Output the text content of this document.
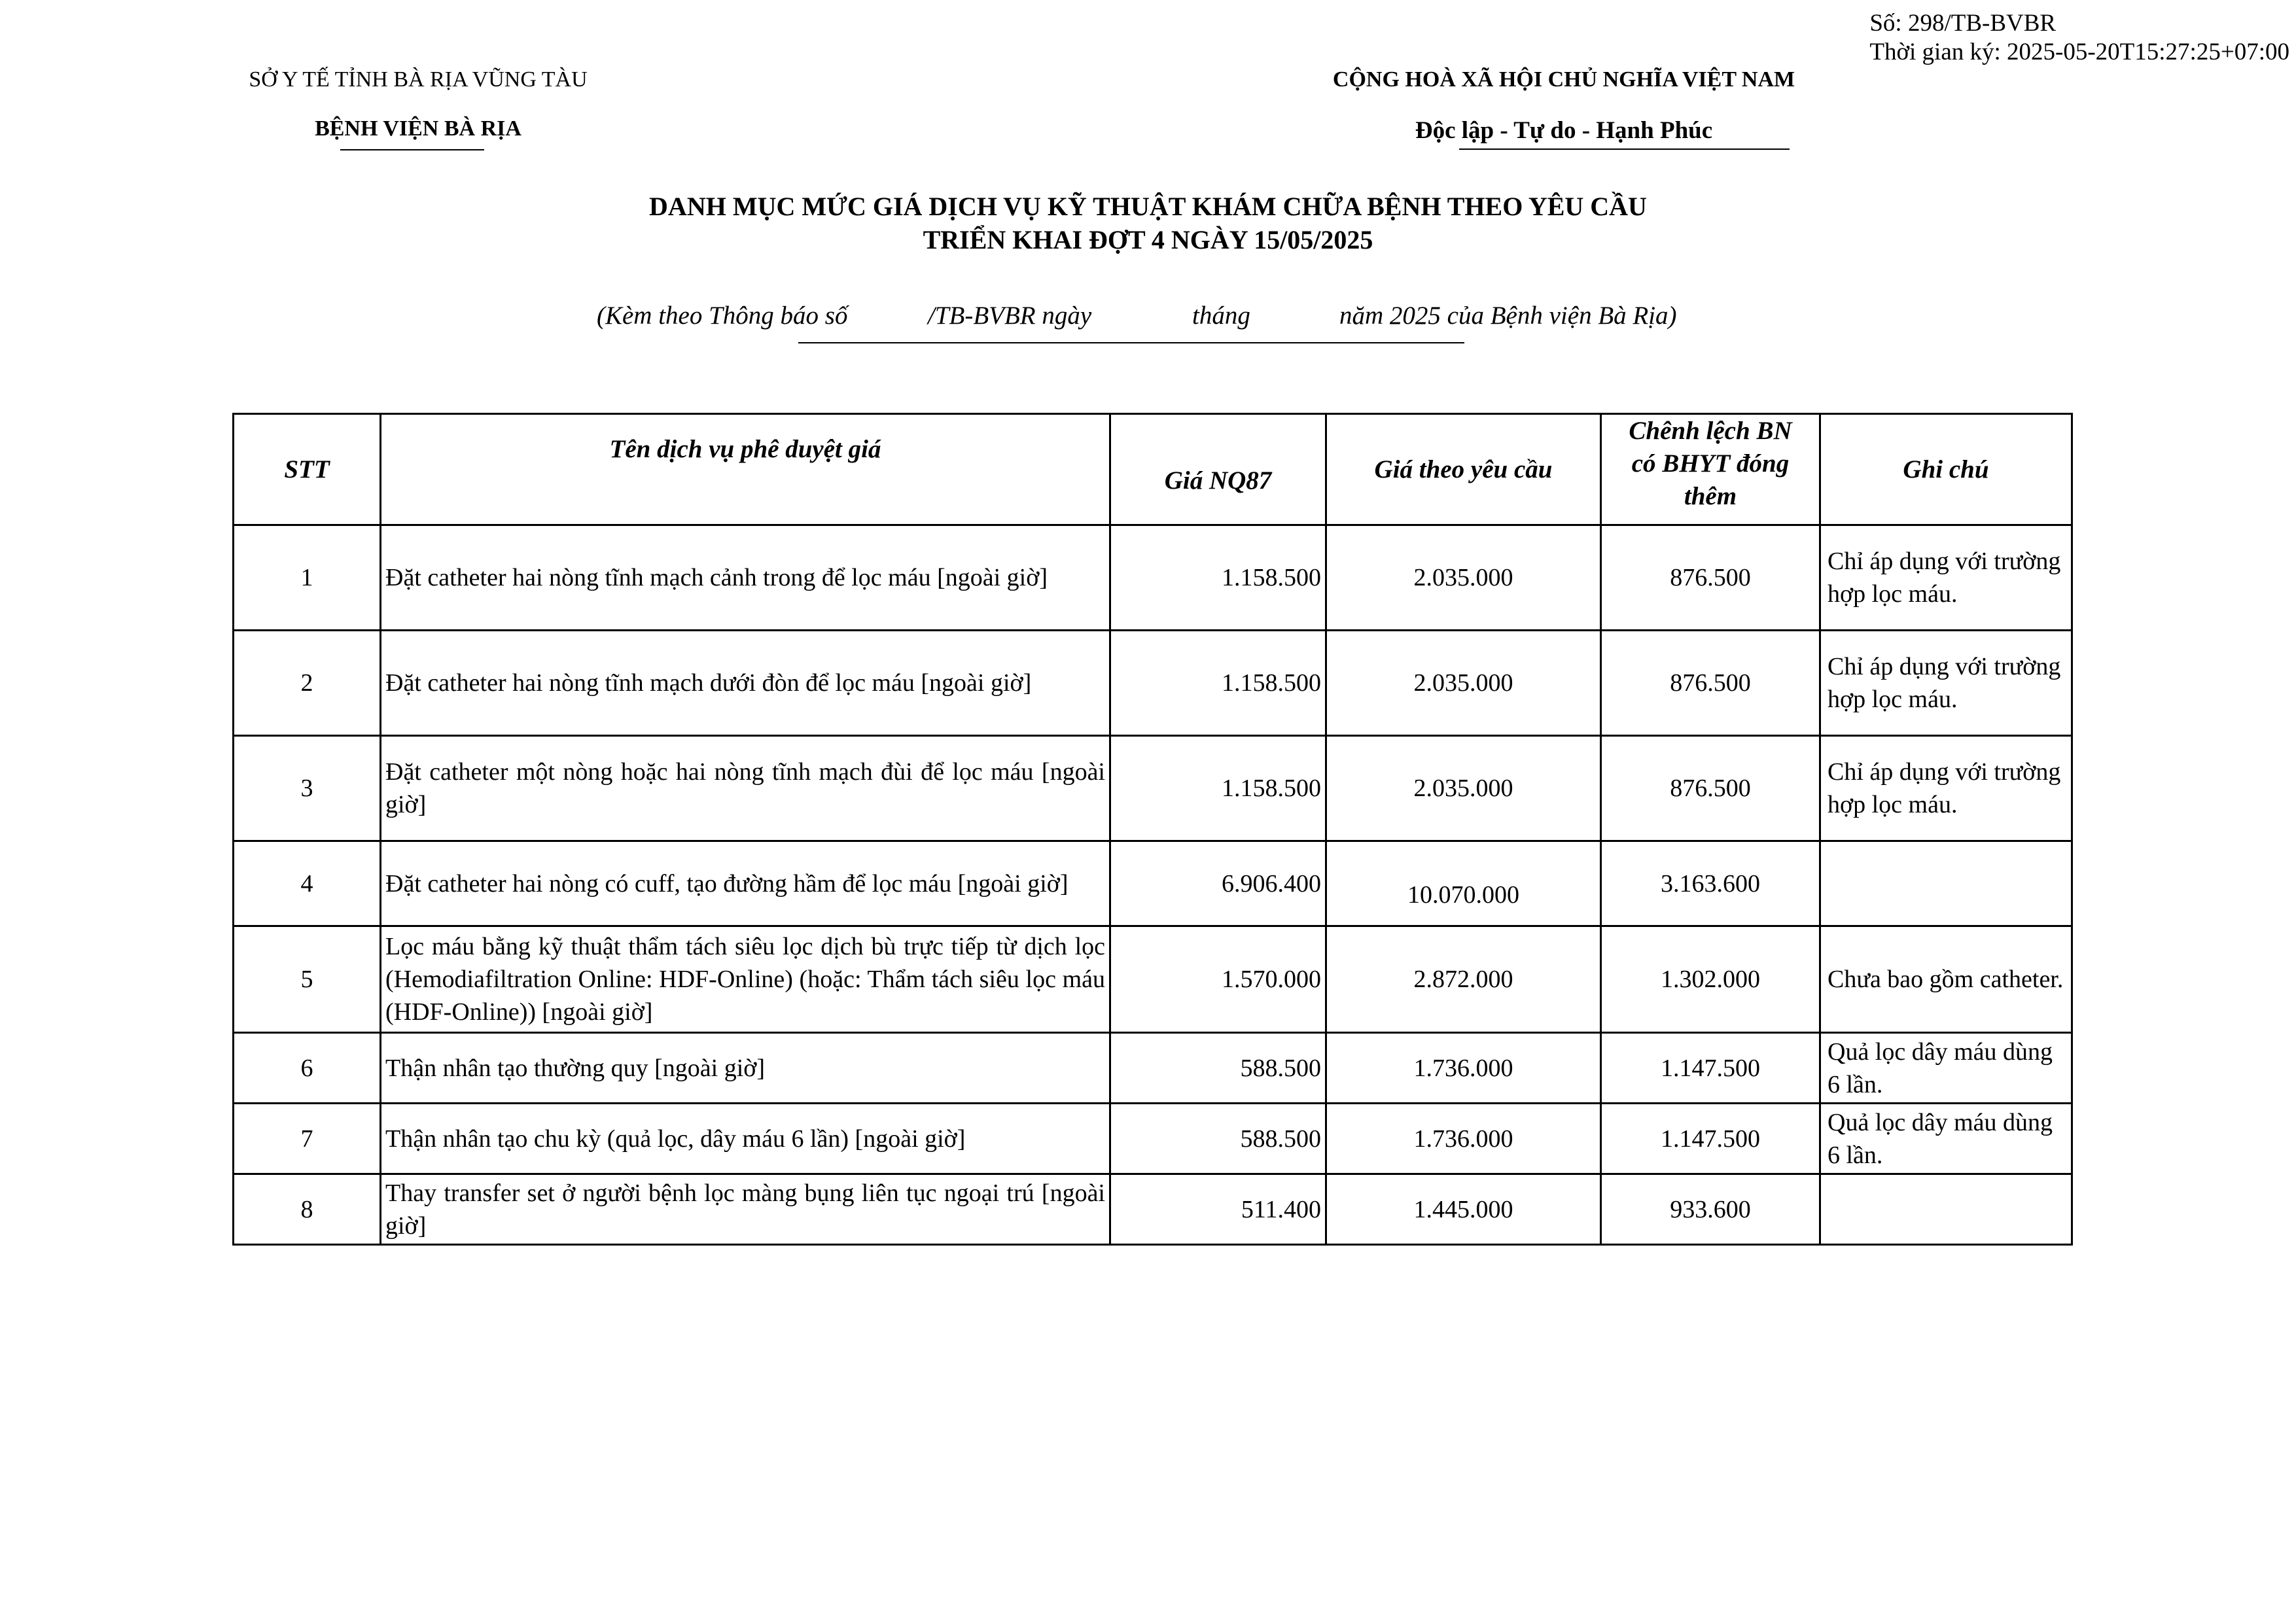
Số: 298/TB-BVBR
Thời gian ký: 2025-05-20T15:27:25+07:00
SỞ Y TẾ TỈNH BÀ RỊA VŨNG TÀU
BỆNH VIỆN BÀ RỊA
CỘNG HOÀ XÃ HỘI CHỦ NGHĨA VIỆT NAM
Độc lập - Tự do - Hạnh Phúc
DANH MỤC MỨC GIÁ DỊCH VỤ KỸ THUẬT KHÁM CHỮA BỆNH THEO YÊU CẦU
TRIỂN KHAI ĐỢT 4 NGÀY 15/05/2025
(Kèm theo Thông báo số	/TB-BVBR ngày	tháng	năm 2025 của Bệnh viện Bà Rịa)
STT	Tên dịch vụ phê duyệt giá	Giá NQ87	Giá theo yêu cầu	Chênh lệch BN
có BHYT đóng
thêm	Ghi chú
1	Đặt catheter hai nòng tĩnh mạch cảnh trong để lọc máu [ngoài giờ]	1.158.500	2.035.000	876.500	Chỉ áp dụng với trường hợp lọc máu.
2	Đặt catheter hai nòng tĩnh mạch dưới đòn để lọc máu [ngoài giờ]	1.158.500	2.035.000	876.500	Chỉ áp dụng với trường hợp lọc máu.
3	Đặt catheter một nòng hoặc hai nòng tĩnh mạch đùi để lọc máu [ngoài giờ]	1.158.500	2.035.000	876.500	Chỉ áp dụng với trường hợp lọc máu.
4	Đặt catheter hai nòng có cuff, tạo đường hầm để lọc máu [ngoài giờ]	6.906.400	10.070.000	3.163.600	
5	Lọc máu bằng kỹ thuật thẩm tách siêu lọc dịch bù trực tiếp từ dịch lọc (Hemodiafiltration Online: HDF-Online) (hoặc: Thẩm tách siêu lọc máu (HDF-Online)) [ngoài giờ]	1.570.000	2.872.000	1.302.000	Chưa bao gồm catheter.
6	Thận nhân tạo thường quy [ngoài giờ]	588.500	1.736.000	1.147.500	Quả lọc dây máu dùng 6 lần.
7	Thận nhân tạo chu kỳ (quả lọc, dây máu 6 lần) [ngoài giờ]	588.500	1.736.000	1.147.500	Quả lọc dây máu dùng 6 lần.
8	Thay transfer set ở người bệnh lọc màng bụng liên tục ngoại trú [ngoài giờ]	511.400	1.445.000	933.600	
